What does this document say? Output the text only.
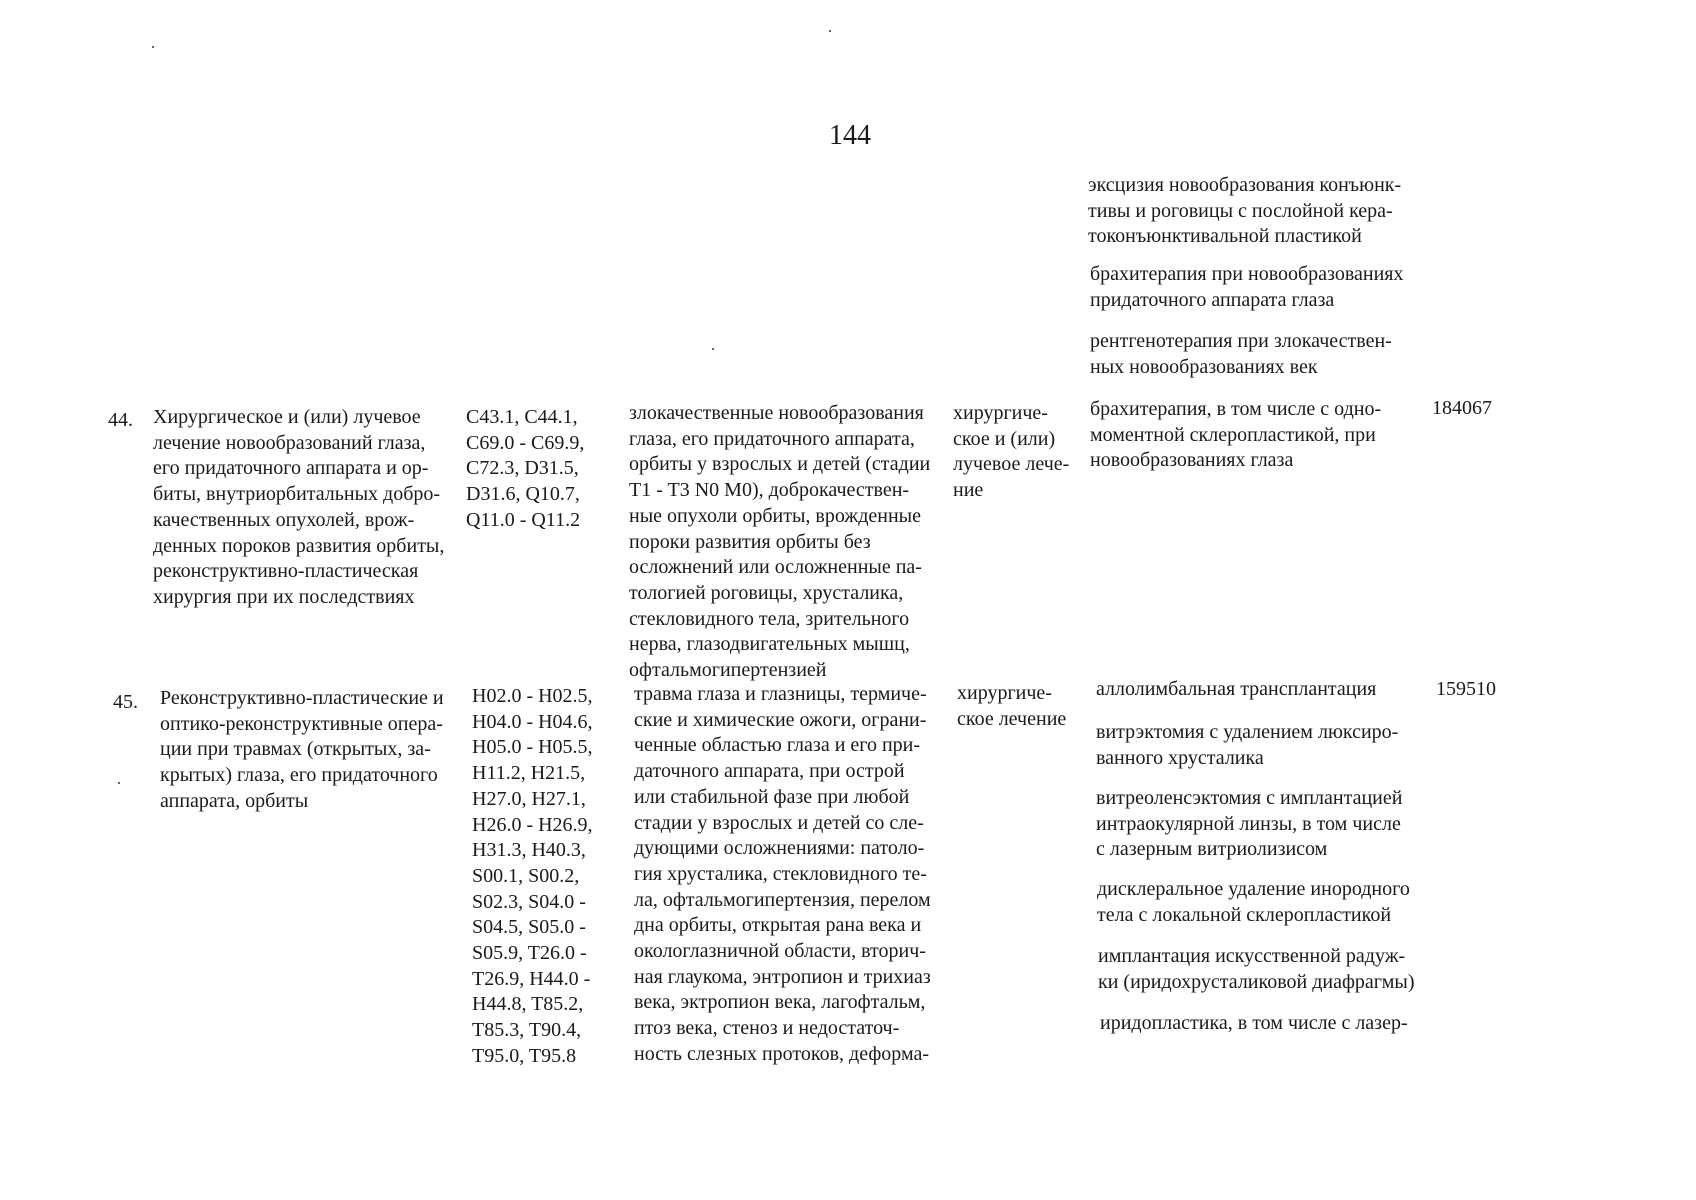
144

эксцизия новообразования конъюнк-
тивы и роговицы с послойной кера-
токонъюнктивальной пластикой

брахитерапия при новообразованиях
придаточного аппарата глаза

рентгенотерапия при злокачествен-
ных новообразованиях век

44. Хирургическое и (или) лучевое
лечение новообразований глаза,
его придаточного аппарата и ор-
биты, внутриорбитальных добро-
качественных опухолей, врож-
денных пороков развития орбиты,
реконструктивно-пластическая
хирургия при их последствиях

C43.1, C44.1,
C69.0 - C69.9,
C72.3, D31.5,
D31.6, Q10.7,
Q11.0 - Q11.2

злокачественные новообразования
глаза, его придаточного аппарата,
орбиты у взрослых и детей (стадии
T1 - T3 N0 M0), доброкачествен-
ные опухоли орбиты, врожденные
пороки развития орбиты без
осложнений или осложненные па-
тологией роговицы, хрусталика,
стекловидного тела, зрительного
нерва, глазодвигательных мышц,
офтальмогипертензией

хирургиче-
ское и (или)
лучевое лече-
ние

брахитерапия, в том числе с одно-
моментной склеропластикой, при
новообразованиях глаза

184067

45. Реконструктивно-пластические и
оптико-реконструктивные опера-
ции при травмах (открытых, за-
крытых) глаза, его придаточного
аппарата, орбиты

H02.0 - H02.5,
H04.0 - H04.6,
H05.0 - H05.5,
H11.2, H21.5,
H27.0, H27.1,
H26.0 - H26.9,
H31.3, H40.3,
S00.1, S00.2,
S02.3, S04.0 -
S04.5, S05.0 -
S05.9, T26.0 -
T26.9, H44.0 -
H44.8, T85.2,
T85.3, T90.4,
T95.0, T95.8

травма глаза и глазницы, термиче-
ские и химические ожоги, ограни-
ченные областью глаза и его при-
даточного аппарата, при острой
или стабильной фазе при любой
стадии у взрослых и детей со сле-
дующими осложнениями: патоло-
гия хрусталика, стекловидного те-
ла, офтальмогипертензия, перелом
дна орбиты, открытая рана века и
окологлазничной области, вторич-
ная глаукома, энтропион и трихиаз
века, эктропион века, лагофтальм,
птоз века, стеноз и недостаточ-
ность слезных протоков, деформа-

хирургиче-
ское лечение

аллолимбальная трансплантация

витрэктомия с удалением люксиро-
ванного хрусталика

витреоленсэктомия с имплантацией
интраокулярной линзы, в том числе
с лазерным витриолизисом

дисклеральное удаление инородного
тела с локальной склеропластикой

имплантация искусственной радуж-
ки (иридохрусталиковой диафрагмы)

иридопластика, в том числе с лазер-

159510
